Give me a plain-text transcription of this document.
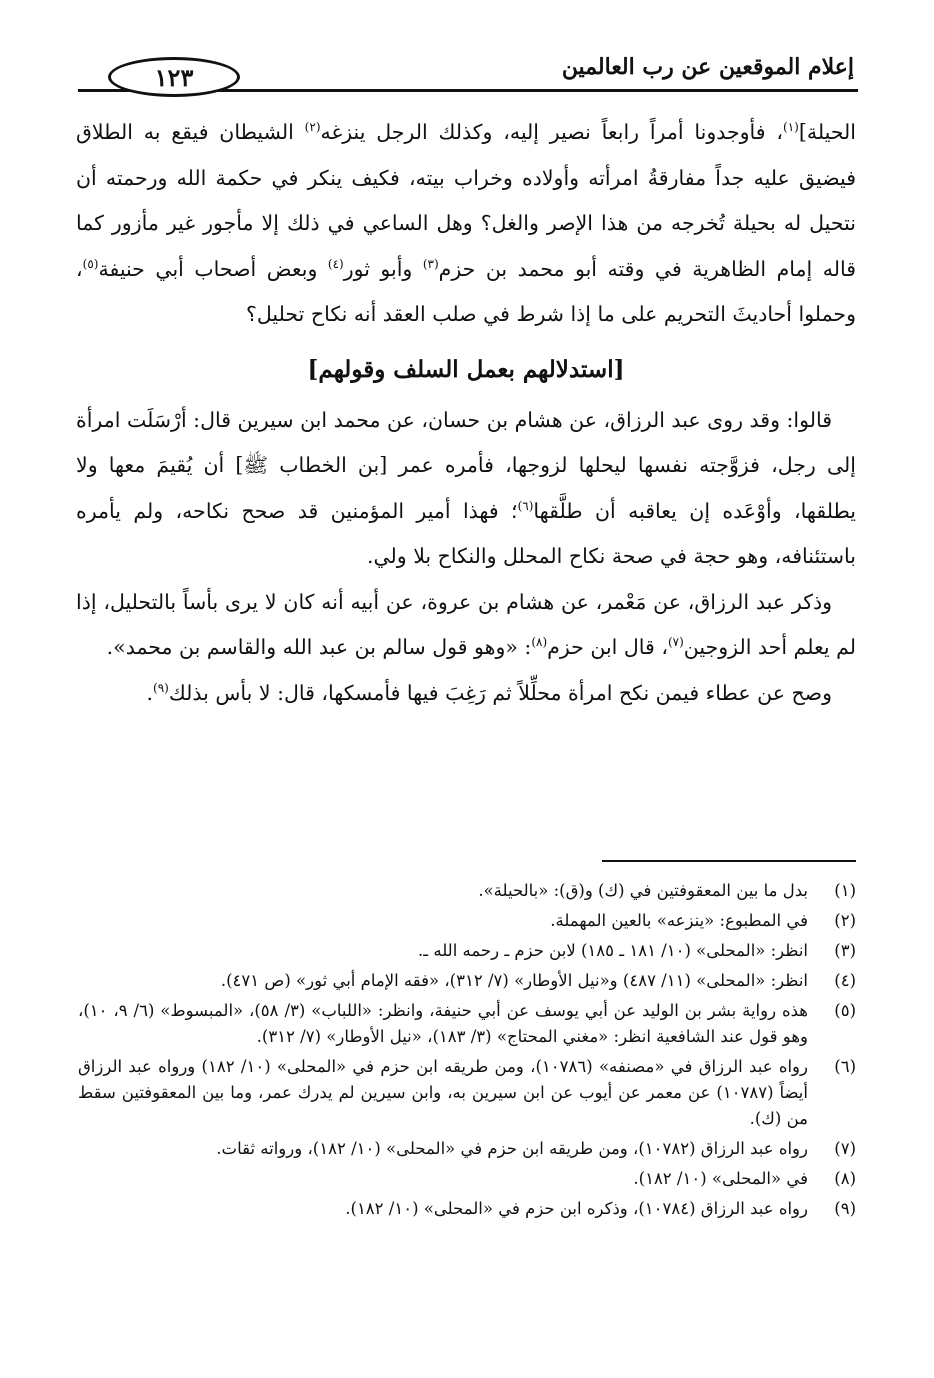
إعلام الموقعين عن رب العالمين
١٢٣

الحيلة]$^{(١)}$، فأوجدونا أمراً رابعاً نصير إليه، وكذلك الرجل ينزغه$^{(٢)}$ الشيطان فيقع به الطلاق فيضيق عليه جداً مفارقةُ امرأته وأولاده وخراب بيته، فكيف ينكر في حكمة الله ورحمته أن نتحيل له بحيلة تُخرجه من هذا الإصر والغل؟ وهل الساعي في ذلك إلا مأجور غير مأزور كما قاله إمام الظاهرية في وقته أبو محمد بن حزم$^{(٣)}$ وأبو ثور$^{(٤)}$ وبعض أصحاب أبي حنيفة$^{(٥)}$، وحملوا أحاديثَ التحريم على ما إذا شرط في صلب العقد أنه نكاح تحليل؟

[استدلالهم بعمل السلف وقولهم]

قالوا: وقد روى عبد الرزاق، عن هشام بن حسان، عن محمد ابن سيرين قال: أرْسَلَت امرأة إلى رجل، فزوَّجته نفسها ليحلها لزوجها، فأمره عمر [بن الخطاب ﷺ] أن يُقيمَ معها ولا يطلقها، وأوْعَده إن يعاقبه أن طلَّقها$^{(٦)}$؛ فهذا أمير المؤمنين قد صحح نكاحه، ولم يأمره باستئنافه، وهو حجة في صحة نكاح المحلل والنكاح بلا ولي.

وذكر عبد الرزاق، عن مَعْمر، عن هشام بن عروة، عن أبيه أنه كان لا يرى بأساً بالتحليل، إذا لم يعلم أحد الزوجين$^{(٧)}$، قال ابن حزم$^{(٨)}$: «وهو قول سالم بن عبد الله والقاسم بن محمد».

وصح عن عطاء فيمن نكح امرأة محلِّلاً ثم رَغِبَ فيها فأمسكها، قال: لا بأس بذلك$^{(٩)}$.

(١)
بدل ما بين المعقوفتين في (ك) و(ق): «بالحيلة».
(٢)
في المطبوع: «ينزعه» بالعين المهملة.
(٣)
انظر: «المحلى» (١٠/ ١٨١ ـ ١٨٥) لابن حزم ـ رحمه الله ـ.
(٤)
انظر: «المحلى» (١١/ ٤٨٧) و«نيل الأوطار» (٧/ ٣١٢)، «فقه الإمام أبي ثور» (ص ٤٧١).
(٥)
هذه رواية بشر بن الوليد عن أبي يوسف عن أبي حنيفة، وانظر: «اللباب» (٣/ ٥٨)، «المبسوط» (٦/ ٩، ١٠)، وهو قول عند الشافعية انظر: «مغني المحتاج» (٣/ ١٨٣)، «نيل الأوطار» (٧/ ٣١٢).
(٦)
رواه عبد الرزاق في «مصنفه» (١٠٧٨٦)، ومن طريقه ابن حزم في «المحلى» (١٠/ ١٨٢) ورواه عبد الرزاق أيضاً (١٠٧٨٧) عن معمر عن أيوب عن ابن سيرين به، وابن سيرين لم يدرك عمر، وما بين المعقوفتين سقط من (ك).
(٧)
رواه عبد الرزاق (١٠٧٨٢)، ومن طريقه ابن حزم في «المحلى» (١٠/ ١٨٢)، ورواته ثقات.
(٨)
في «المحلى» (١٠/ ١٨٢).
(٩)
رواه عبد الرزاق (١٠٧٨٤)، وذكره ابن حزم في «المحلى» (١٠/ ١٨٢).
